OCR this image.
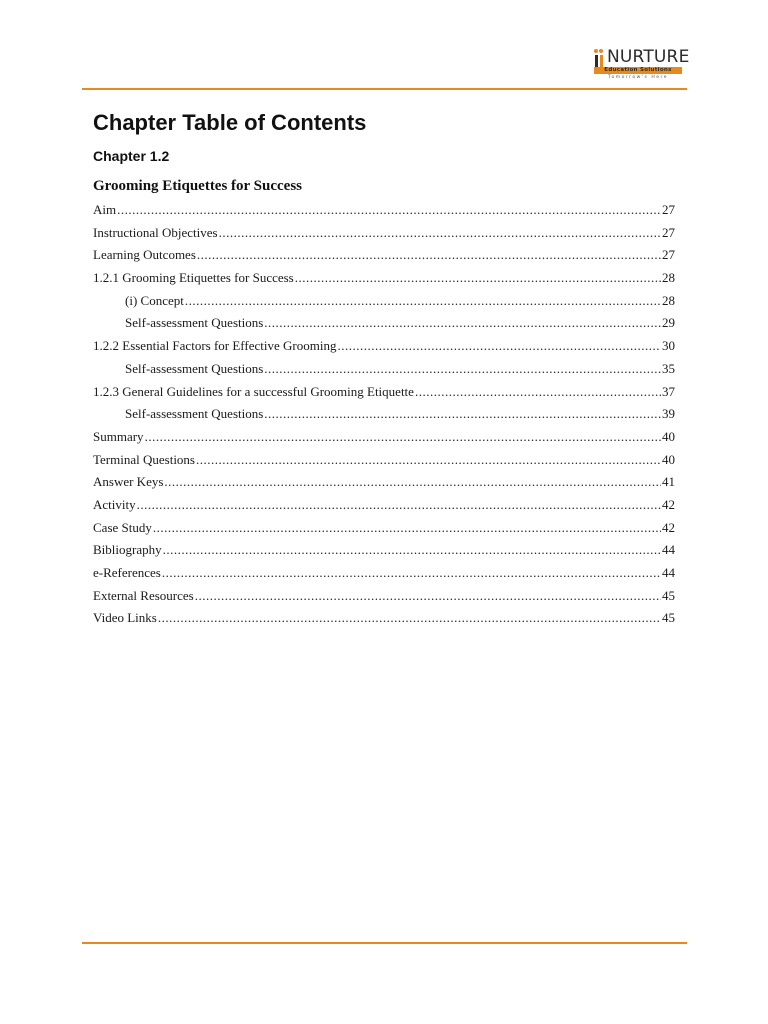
NURTURE
Education Solutions
Tomorrow's Here
Chapter Table of Contents
Chapter 1.2
Grooming Etiquettes for Success
Aim .....	27
Instructional Objectives .....	27
Learning Outcomes .....	27
1.2.1 Grooming Etiquettes for Success .....	28
(i) Concept .....	28
Self-assessment Questions .....	29
1.2.2 Essential Factors for Effective Grooming .....	30
Self-assessment Questions .....	35
1.2.3 General Guidelines for a successful Grooming Etiquette .....	37
Self-assessment Questions .....	39
Summary .....	40
Terminal Questions .....	40
Answer Keys .....	41
Activity .....	42
Case Study .....	42
Bibliography .....	44
e-References .....	44
External Resources .....	45
Video Links .....	45
